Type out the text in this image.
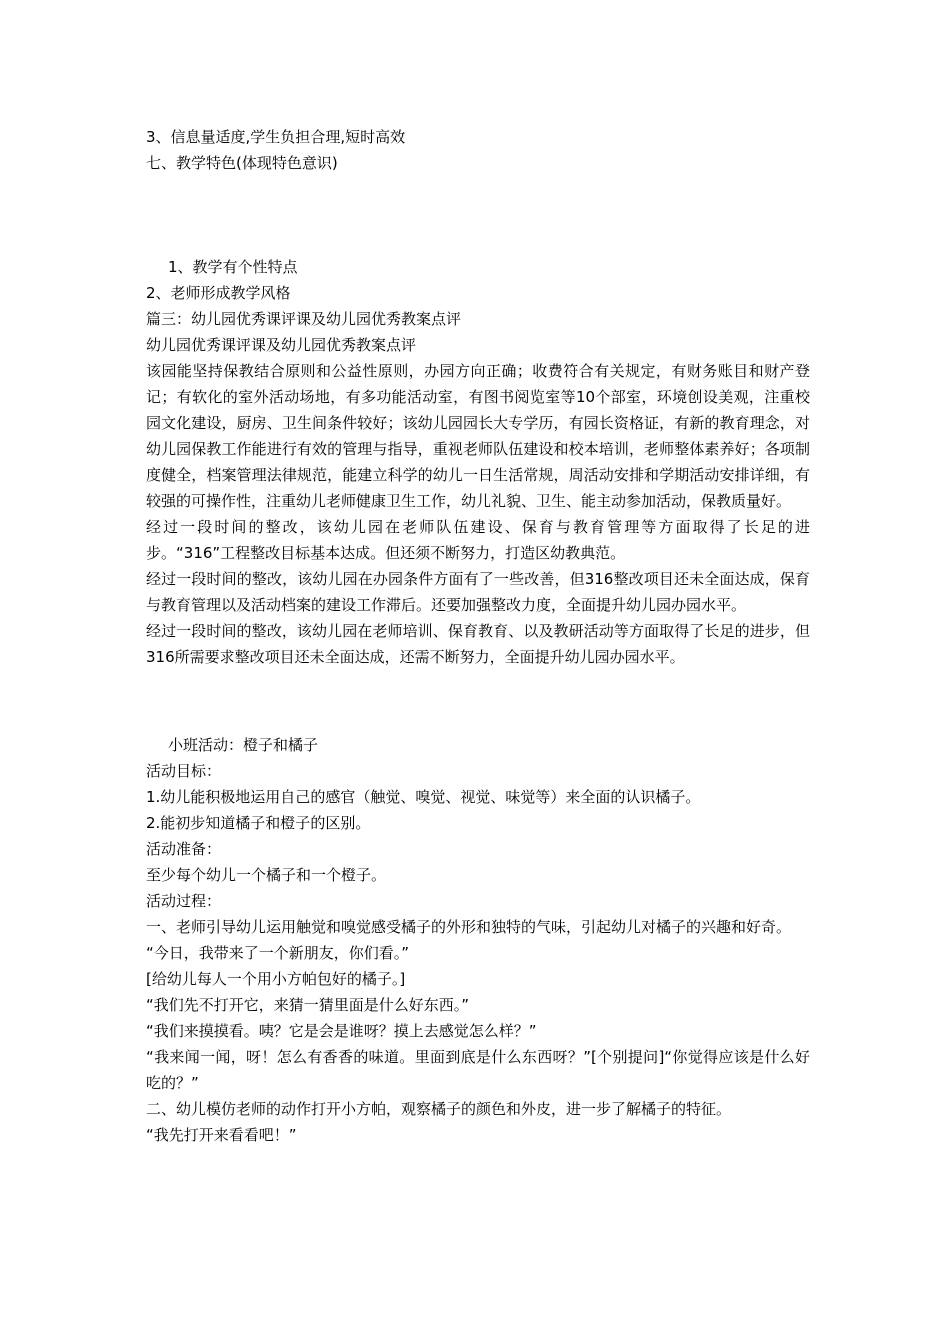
3、信息量适度,学生负担合理,短时高效

七、教学特色(体现特色意识)

1、教学有个性特点

2、老师形成教学风格

篇三：幼儿园优秀课评课及幼儿园优秀教案点评

幼儿园优秀课评课及幼儿园优秀教案点评

该园能坚持保教结合原则和公益性原则，办园方向正确；收费符合有关规定，有财务账目和财产登记；有软化的室外活动场地，有多功能活动室，有图书阅览室等10个部室，环境创设美观，注重校园文化建设，厨房、卫生间条件较好；该幼儿园园长大专学历，有园长资格证，有新的教育理念，对幼儿园保教工作能进行有效的管理与指导，重视老师队伍建设和校本培训，老师整体素养好；各项制度健全，档案管理法律规范，能建立科学的幼儿一日生活常规，周活动安排和学期活动安排详细，有较强的可操作性，注重幼儿老师健康卫生工作，幼儿礼貌、卫生、能主动参加活动，保教质量好。

经过一段时间的整改，该幼儿园在老师队伍建设、保育与教育管理等方面取得了长足的进步。“316”工程整改目标基本达成。但还须不断努力，打造区幼教典范。

经过一段时间的整改，该幼儿园在办园条件方面有了一些改善，但316整改项目还未全面达成，保育与教育管理以及活动档案的建设工作滞后。还要加强整改力度，全面提升幼儿园办园水平。

经过一段时间的整改，该幼儿园在老师培训、保育教育、以及教研活动等方面取得了长足的进步，但316所需要求整改项目还未全面达成，还需不断努力，全面提升幼儿园办园水平。

小班活动：橙子和橘子

活动目标：

1.幼儿能积极地运用自己的感官（触觉、嗅觉、视觉、味觉等）来全面的认识橘子。

2.能初步知道橘子和橙子的区别。

活动准备：

至少每个幼儿一个橘子和一个橙子。

活动过程：

一、老师引导幼儿运用触觉和嗅觉感受橘子的外形和独特的气味，引起幼儿对橘子的兴趣和好奇。

“今日，我带来了一个新朋友，你们看。”

[给幼儿每人一个用小方帕包好的橘子。]

“我们先不打开它，来猜一猜里面是什么好东西。”

“我们来摸摸看。咦？它是会是谁呀？摸上去感觉怎么样？”

“我来闻一闻，呀！怎么有香香的味道。里面到底是什么东西呀？”[个别提问]“你觉得应该是什么好吃的？”

二、幼儿模仿老师的动作打开小方帕，观察橘子的颜色和外皮，进一步了解橘子的特征。

“我先打开来看看吧！”
